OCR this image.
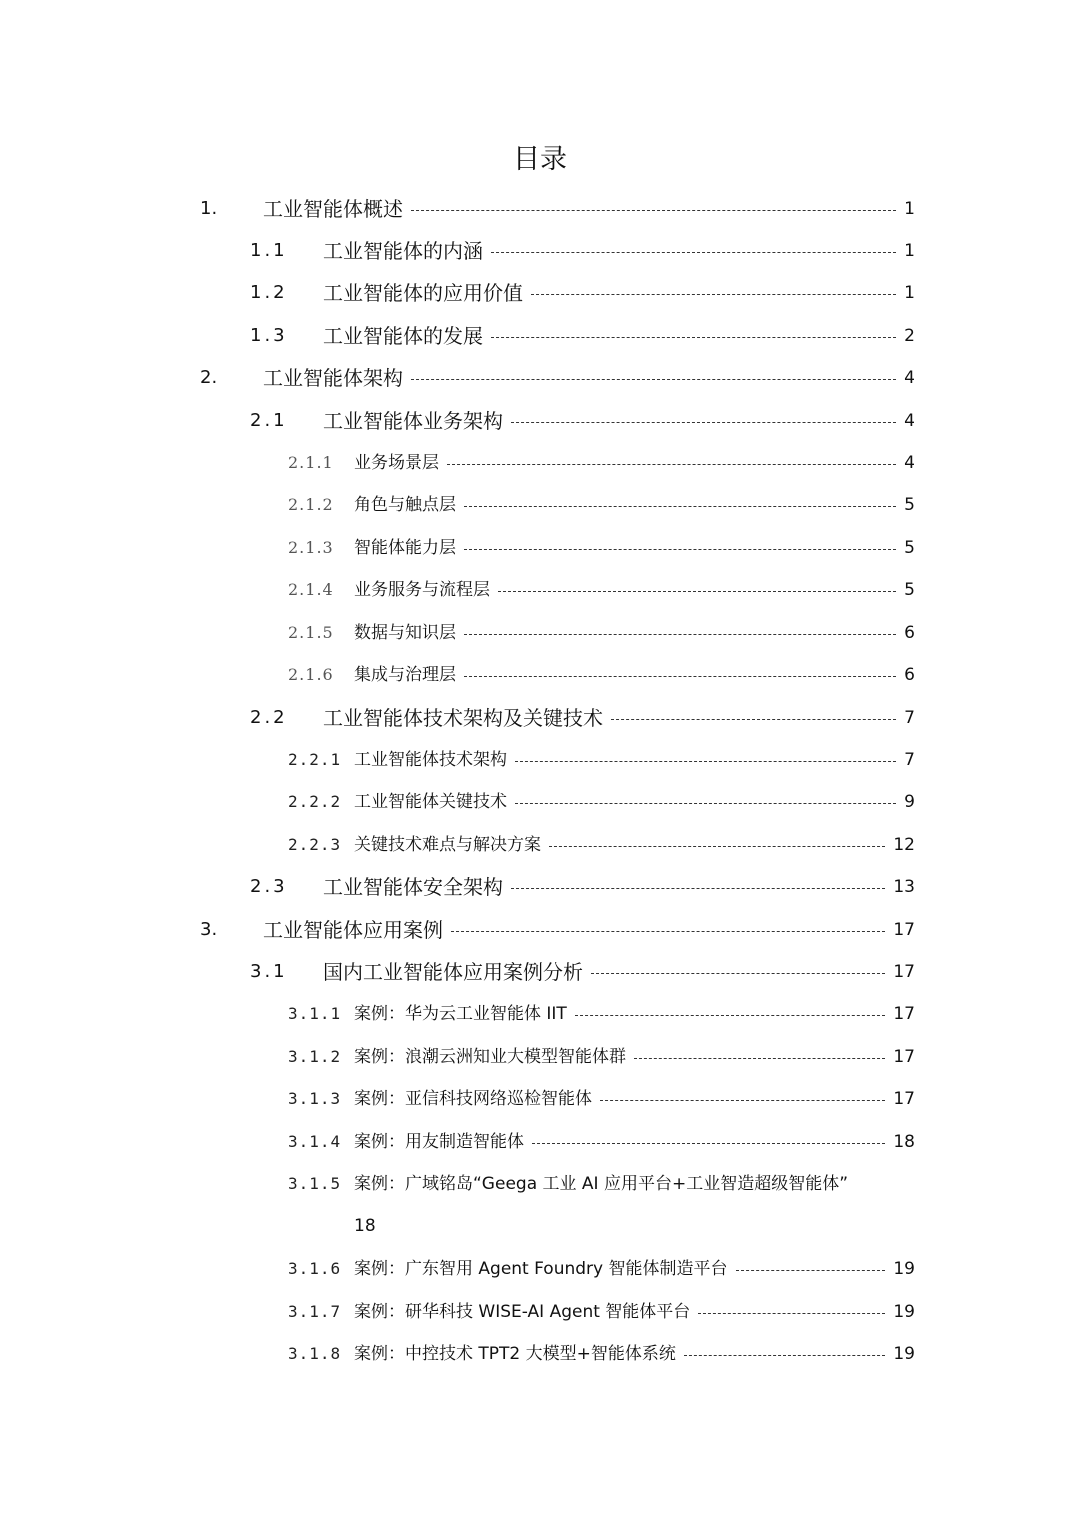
目录
1. 工业智能体概述	1
1.1 工业智能体的内涵	1
1.2 工业智能体的应用价值	1
1.3 工业智能体的发展	2
2. 工业智能体架构	4
2.1 工业智能体业务架构	4
2.1.1 业务场景层	4
2.1.2 角色与触点层	5
2.1.3 智能体能力层	5
2.1.4 业务服务与流程层	5
2.1.5 数据与知识层	6
2.1.6 集成与治理层	6
2.2 工业智能体技术架构及关键技术	7
2.2.1 工业智能体技术架构	7
2.2.2 工业智能体关键技术	9
2.2.3 关键技术难点与解决方案	12
2.3 工业智能体安全架构	13
3. 工业智能体应用案例	17
3.1 国内工业智能体应用案例分析	17
3.1.1 案例：华为云工业智能体 IIT	17
3.1.2 案例：浪潮云洲知业大模型智能体群	17
3.1.3 案例：亚信科技网络巡检智能体	17
3.1.4 案例：用友制造智能体	18
3.1.5 案例：广域铭岛“Geega 工业 AI 应用平台+工业智造超级智能体”
18
3.1.6 案例：广东智用 Agent Foundry 智能体制造平台	19
3.1.7 案例：研华科技 WISE-AI Agent 智能体平台	19
3.1.8 案例：中控技术 TPT2 大模型+智能体系统	19
